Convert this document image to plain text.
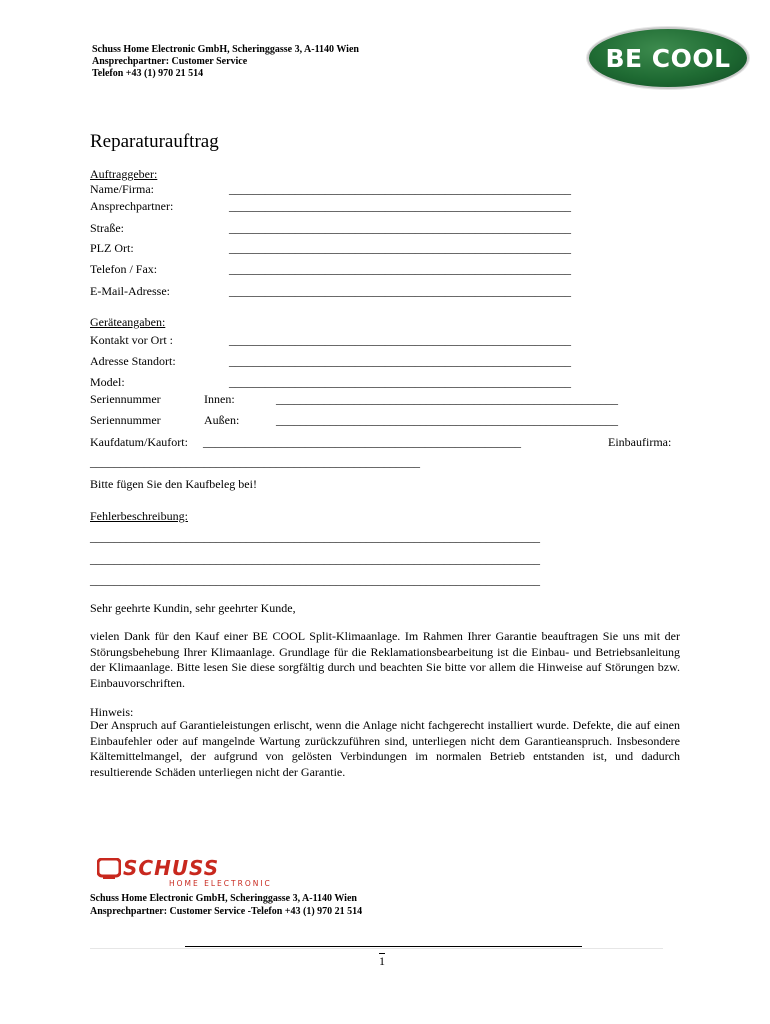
Schuss Home Electronic GmbH, Scheringgasse 3, A-1140 Wien
Ansprechpartner: Customer Service
Telefon +43 (1) 970 21 514
BE COOL
Reparaturauftrag
Auftraggeber:
Name/Firma:	_________________________________________________________
Ansprechpartner:	_________________________________________________________
Straße:	_________________________________________________________
PLZ Ort:	_________________________________________________________
Telefon / Fax:	_________________________________________________________
E-Mail-Adresse:	_________________________________________________________
Geräteangaben:
Kontakt vor Ort :	_________________________________________________________
Adresse Standort:	_________________________________________________________
Model:	_________________________________________________________
Seriennummer	Innen:	_________________________________________________________
Seriennummer	Außen:	_________________________________________________________
Kaufdatum/Kaufort: _____________________________________________________	Einbaufirma:
_______________________________________________________
Bitte fügen Sie den Kaufbeleg bei!
Fehlerbeschreibung:
___________________________________________________________________________
___________________________________________________________________________
___________________________________________________________________________
Sehr geehrte Kundin, sehr geehrter Kunde,
vielen Dank für den Kauf einer BE COOL Split-Klimaanlage. Im Rahmen Ihrer Garantie beauftragen Sie uns mit der Störungsbehebung Ihrer Klimaanlage. Grundlage für die Reklamationsbearbeitung ist die Einbau- und Betriebsanleitung der Klimaanlage. Bitte lesen Sie diese sorgfältig durch und beachten Sie bitte vor allem die Hinweise auf Störungen bzw. Einbauvorschriften.
Hinweis:
Der Anspruch auf Garantieleistungen erlischt, wenn die Anlage nicht fachgerecht installiert wurde. Defekte, die auf einen Einbaufehler oder auf mangelnde Wartung zurückzuführen sind, unterliegen nicht dem Garantieanspruch. Insbesondere Kältemittelmangel, der aufgrund von gelösten Verbindungen im normalen Betrieb entstanden ist, und dadurch resultierende Schäden unterliegen nicht der Garantie.
SCHUSS
HOME ELECTRONIC
Schuss Home Electronic GmbH, Scheringgasse 3, A-1140 Wien
Ansprechpartner: Customer Service -Telefon +43 (1) 970 21 514
1
